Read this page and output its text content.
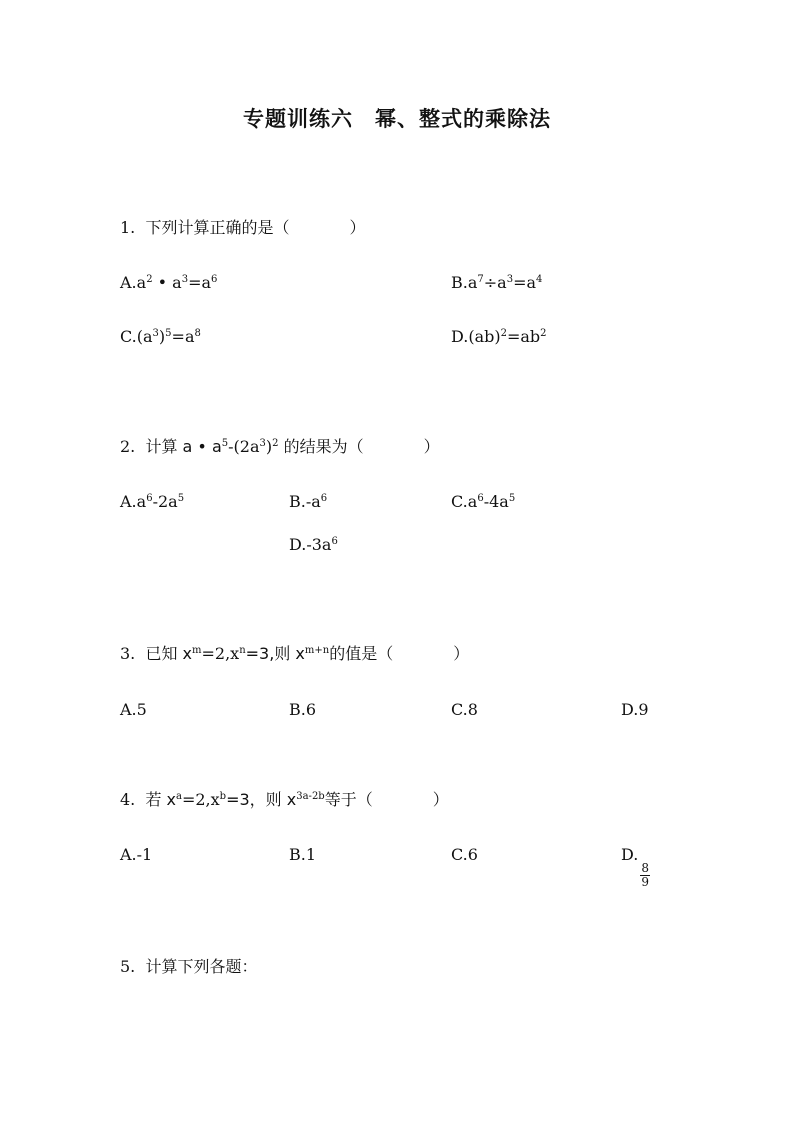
专题训练六 幂、整式的乘除法
1. 下列计算正确的是（	）
$A.a^2$ • $a^3=a^6$	$B.a^7\div a^3=a^4$
$C.(a^3)^5=a^8$	$D.(ab)^2=ab^2$
2. 计算 a • $a^5-(2a^3)^2$ 的结果为（	）
$A.a^6-2a^5$	$B.-a^6$	$C.a^6-4a^5$
$D.-3a^6$
3. 已知 $x^m=2,x^n=3$,则 $x^{m+n}$的值是（	）
A.5	B.6	C.8	D.9
4. 若 $x^a=2,x^b=3$，则 $x^{3a-2b}$等于（	）
A.-1	B.1	C.6	D.
$\frac{8}{9}$
5. 计算下列各题：
